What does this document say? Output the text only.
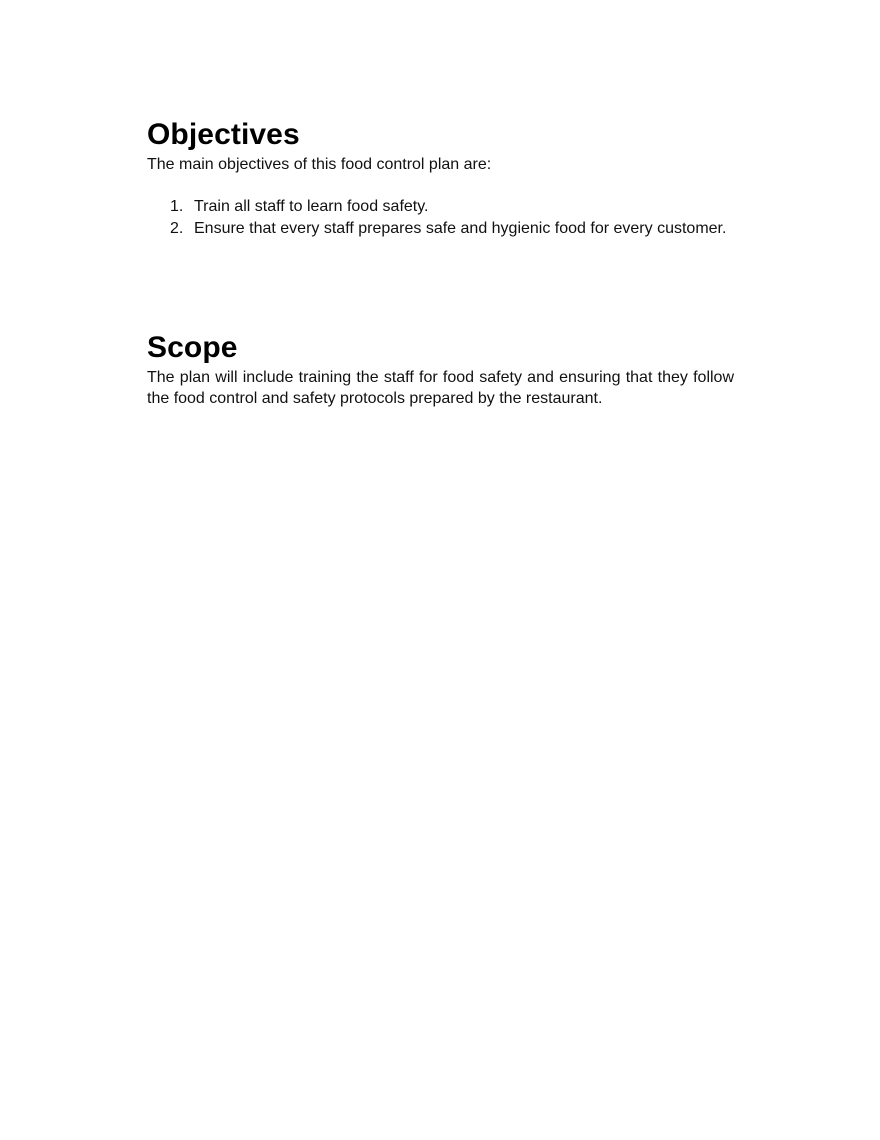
Objectives

The main objectives of this food control plan are:

1. Train all staff to learn food safety.
2. Ensure that every staff prepares safe and hygienic food for every customer.
Scope

The plan will include training the staff for food safety and ensuring that they follow the food control and safety protocols prepared by the restaurant.
